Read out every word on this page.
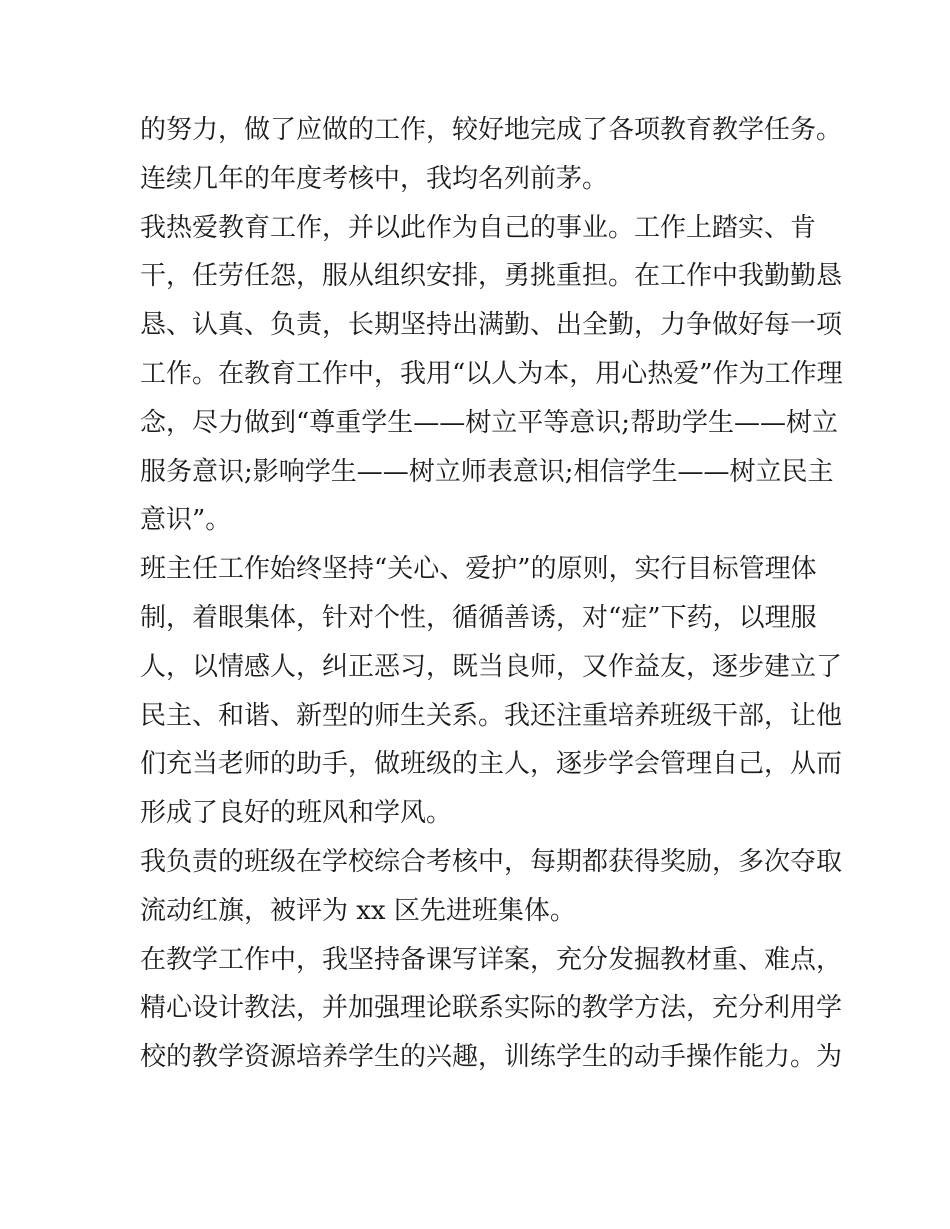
的努力，做了应做的工作，较好地完成了各项教育教学任务。
连续几年的年度考核中，我均名列前茅。
我热爱教育工作，并以此作为自己的事业。工作上踏实、肯
干，任劳任怨，服从组织安排，勇挑重担。在工作中我勤勤恳
恳、认真、负责，长期坚持出满勤、出全勤，力争做好每一项
工作。在教育工作中，我用“以人为本，用心热爱”作为工作理
念，尽力做到“尊重学生——树立平等意识;帮助学生——树立
服务意识;影响学生——树立师表意识;相信学生——树立民主
意识”。
班主任工作始终坚持“关心、爱护”的原则，实行目标管理体
制，着眼集体，针对个性，循循善诱，对“症”下药，以理服
人，以情感人，纠正恶习，既当良师，又作益友，逐步建立了
民主、和谐、新型的师生关系。我还注重培养班级干部，让他
们充当老师的助手，做班级的主人，逐步学会管理自己，从而
形成了良好的班风和学风。
我负责的班级在学校综合考核中，每期都获得奖励，多次夺取
流动红旗，被评为 xx 区先进班集体。
在教学工作中，我坚持备课写详案，充分发掘教材重、难点，
精心设计教法，并加强理论联系实际的教学方法，充分利用学
校的教学资源培养学生的兴趣，训练学生的动手操作能力。为
